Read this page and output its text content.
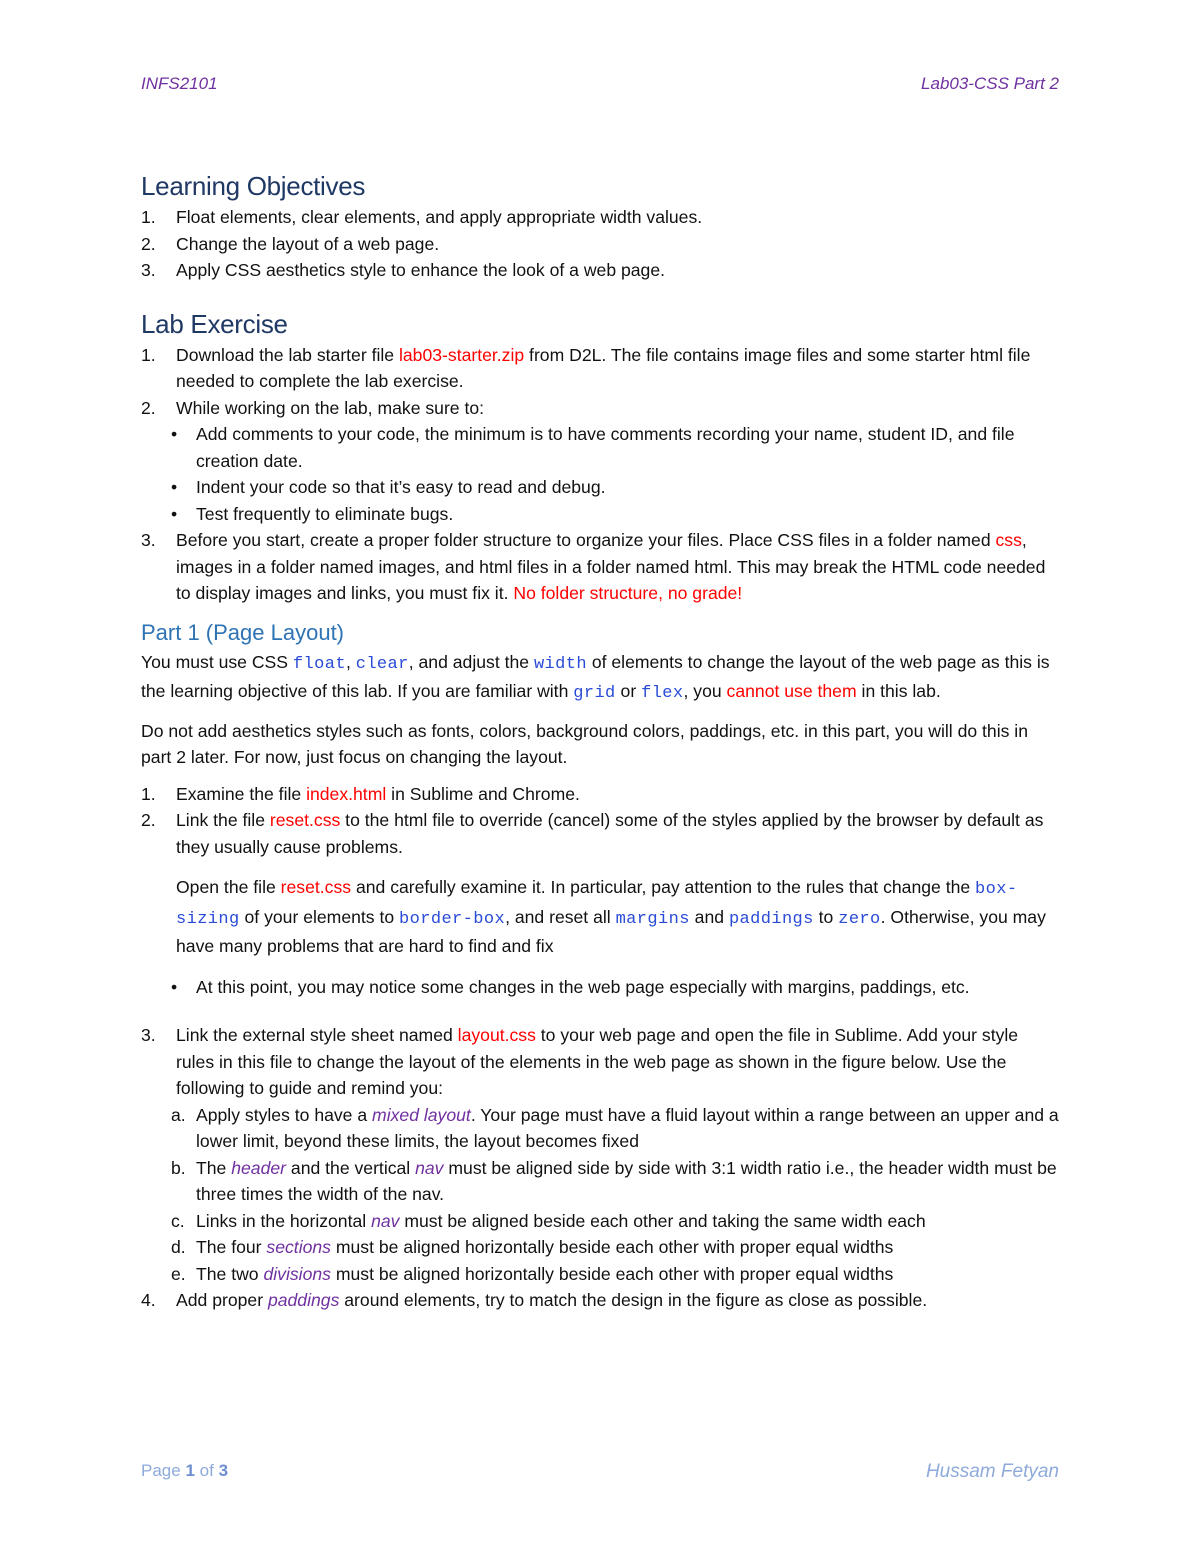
INFS2101	Lab03-CSS Part 2
Learning Objectives
1. Float elements, clear elements, and apply appropriate width values.
2. Change the layout of a web page.
3. Apply CSS aesthetics style to enhance the look of a web page.
Lab Exercise
1. Download the lab starter file lab03-starter.zip from D2L. The file contains image files and some starter html file needed to complete the lab exercise.
2. While working on the lab, make sure to:
• Add comments to your code, the minimum is to have comments recording your name, student ID, and file creation date.
• Indent your code so that it’s easy to read and debug.
• Test frequently to eliminate bugs.
3. Before you start, create a proper folder structure to organize your files. Place CSS files in a folder named css, images in a folder named images, and html files in a folder named html. This may break the HTML code needed to display images and links, you must fix it. No folder structure, no grade!
Part 1 (Page Layout)

You must use CSS float, clear, and adjust the width of elements to change the layout of the web page as this is the learning objective of this lab. If you are familiar with grid or flex, you cannot use them in this lab.

Do not add aesthetics styles such as fonts, colors, background colors, paddings, etc. in this part, you will do this in part 2 later. For now, just focus on changing the layout.

1. Examine the file index.html in Sublime and Chrome.
2. Link the file reset.css to the html file to override (cancel) some of the styles applied by the browser by default as they usually cause problems.
Open the file reset.css and carefully examine it. In particular, pay attention to the rules that change the box-sizing of your elements to border-box, and reset all margins and paddings to zero. Otherwise, you may have many problems that are hard to find and fix
• At this point, you may notice some changes in the web page especially with margins, paddings, etc.
3. Link the external style sheet named layout.css to your web page and open the file in Sublime. Add your style rules in this file to change the layout of the elements in the web page as shown in the figure below. Use the following to guide and remind you:
a. Apply styles to have a mixed layout. Your page must have a fluid layout within a range between an upper and a lower limit, beyond these limits, the layout becomes fixed
b. The header and the vertical nav must be aligned side by side with 3:1 width ratio i.e., the header width must be three times the width of the nav.
c. Links in the horizontal nav must be aligned beside each other and taking the same width each
d. The four sections must be aligned horizontally beside each other with proper equal widths
e. The two divisions must be aligned horizontally beside each other with proper equal widths
4. Add proper paddings around elements, try to match the design in the figure as close as possible.
Page 1 of 3	Hussam Fetyan
